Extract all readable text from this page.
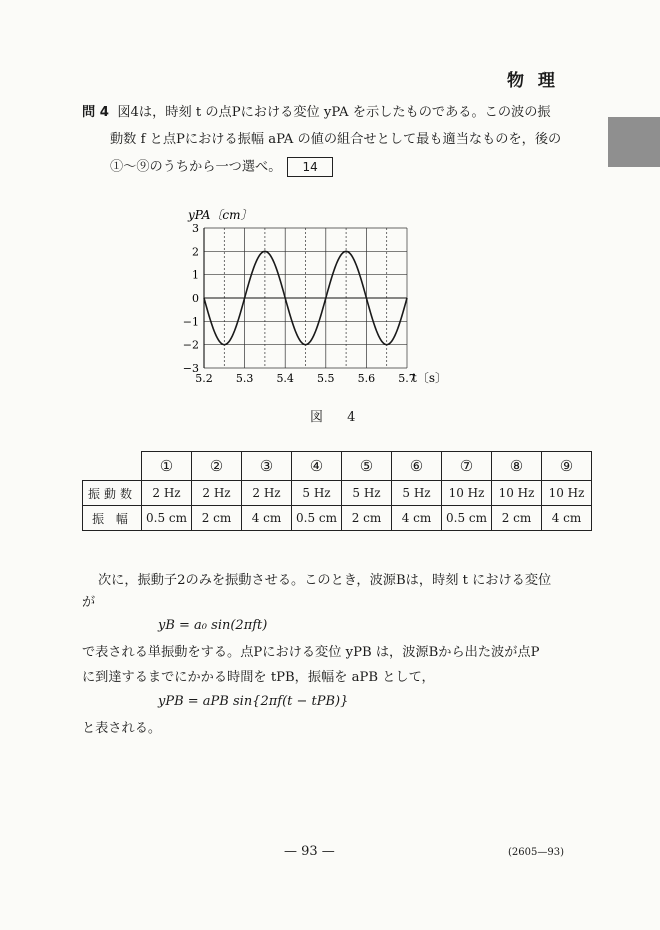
物 理
問 4 図4は，時刻 t の点Pにおける変位 yPA を示したものである。この波の振
動数 f と点Pにおける振幅 aPA の値の組合せとして最も適当なものを，後の
①〜⑨のうちから一つ選べ。 14
3
2
1
0
−1
−2
−3
5.2 5.3 5.4 5.5 5.6 5.7
yPA〔cm〕
t〔s〕
図 4
	①	②	③	④	⑤	⑥	⑦	⑧	⑨
振動数	2 Hz	2 Hz	2 Hz	5 Hz	5 Hz	5 Hz	10 Hz	10 Hz	10 Hz
振 幅	0.5 cm	2 cm	4 cm	0.5 cm	2 cm	4 cm	0.5 cm	2 cm	4 cm
次に，振動子2のみを振動させる。このとき，波源Bは，時刻 t における変位
が
yB = a₀ sin(2πft)
で表される単振動をする。点Pにおける変位 yPB は，波源Bから出た波が点P
に到達するまでにかかる時間を tPB，振幅を aPB として，
yPB = aPB sin{2πf(t − tPB)}
と表される。
— 93 —	(2605—93)
